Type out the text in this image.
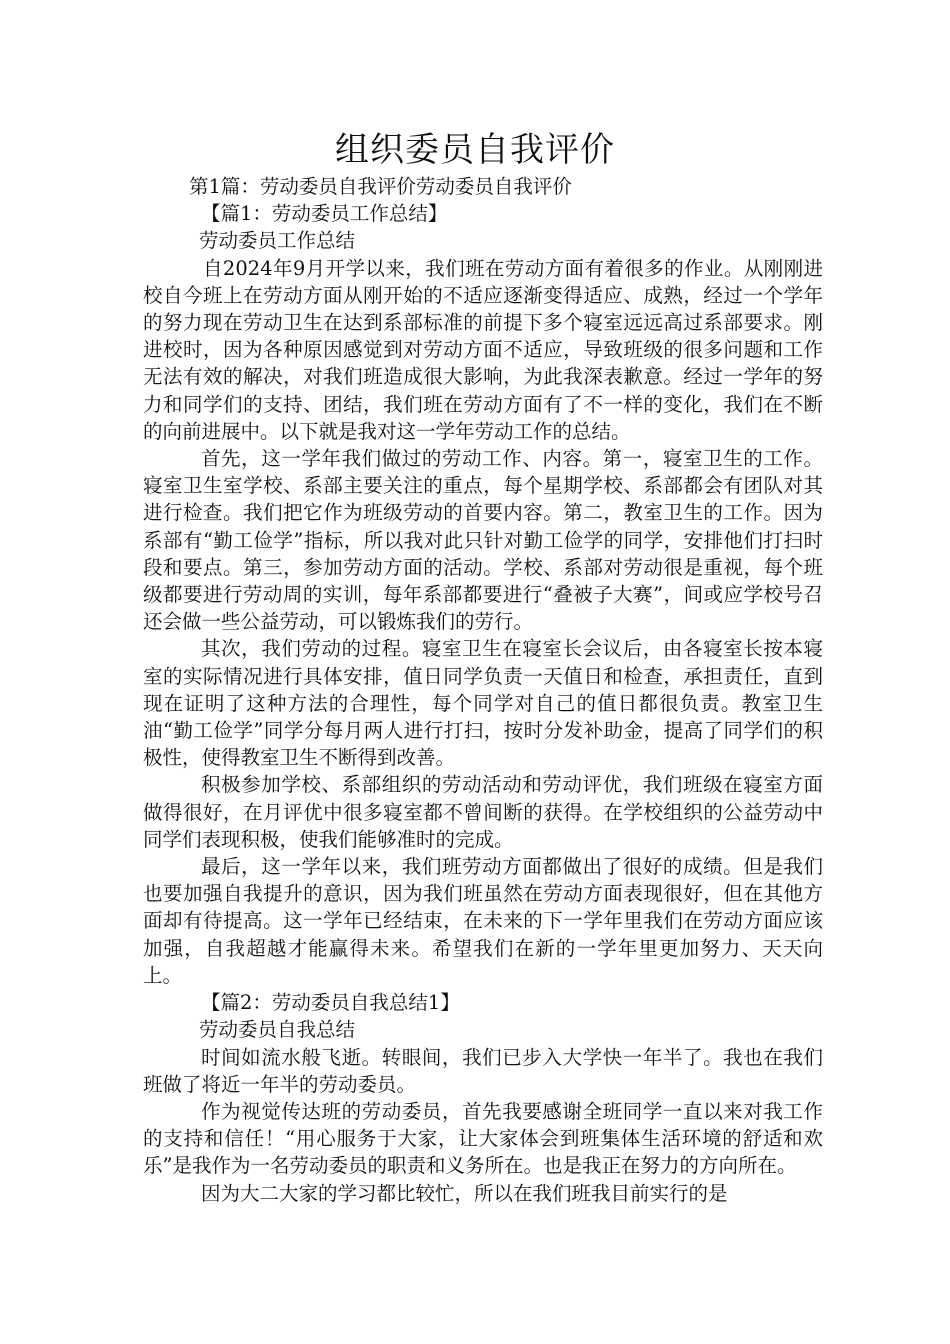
组织委员自我评价

第1篇：劳动委员自我评价劳动委员自我评价

【篇1：劳动委员工作总结】

劳动委员工作总结

自2024年9月开学以来，我们班在劳动方面有着很多的作业。从刚刚进校自今班上在劳动方面从刚开始的不适应逐渐变得适应、成熟，经过一个学年的努力现在劳动卫生在达到系部标准的前提下多个寝室远远高过系部要求。刚进校时，因为各种原因感觉到对劳动方面不适应，导致班级的很多问题和工作无法有效的解决，对我们班造成很大影响，为此我深表歉意。经过一学年的努力和同学们的支持、团结，我们班在劳动方面有了不一样的变化，我们在不断的向前进展中。以下就是我对这一学年劳动工作的总结。

首先，这一学年我们做过的劳动工作、内容。第一，寝室卫生的工作。寝室卫生室学校、系部主要关注的重点，每个星期学校、系部都会有团队对其进行检查。我们把它作为班级劳动的首要内容。第二，教室卫生的工作。因为系部有“勤工俭学”指标，所以我对此只针对勤工俭学的同学，安排他们打扫时段和要点。第三，参加劳动方面的活动。学校、系部对劳动很是重视，每个班级都要进行劳动周的实训，每年系部都要进行“叠被子大赛”，间或应学校号召还会做一些公益劳动，可以锻炼我们的劳行。

其次，我们劳动的过程。寝室卫生在寝室长会议后，由各寝室长按本寝室的实际情况进行具体安排，值日同学负责一天值日和检查，承担责任，直到现在证明了这种方法的合理性，每个同学对自己的值日都很负责。教室卫生油“勤工俭学”同学分每月两人进行打扫，按时分发补助金，提高了同学们的积极性，使得教室卫生不断得到改善。

积极参加学校、系部组织的劳动活动和劳动评优，我们班级在寝室方面做得很好，在月评优中很多寝室都不曾间断的获得。在学校组织的公益劳动中同学们表现积极，使我们能够准时的完成。

最后，这一学年以来，我们班劳动方面都做出了很好的成绩。但是我们也要加强自我提升的意识，因为我们班虽然在劳动方面表现很好，但在其他方面却有待提高。这一学年已经结束，在未来的下一学年里我们在劳动方面应该加强，自我超越才能赢得未来。希望我们在新的一学年里更加努力、天天向上。

【篇2：劳动委员自我总结1】

劳动委员自我总结

时间如流水般飞逝。转眼间，我们已步入大学快一年半了。我也在我们班做了将近一年半的劳动委员。

作为视觉传达班的劳动委员，首先我要感谢全班同学一直以来对我工作的支持和信任！“用心服务于大家，让大家体会到班集体生活环境的舒适和欢乐”是我作为一名劳动委员的职责和义务所在。也是我正在努力的方向所在。

因为大二大家的学习都比较忙，所以在我们班我目前实行的是
